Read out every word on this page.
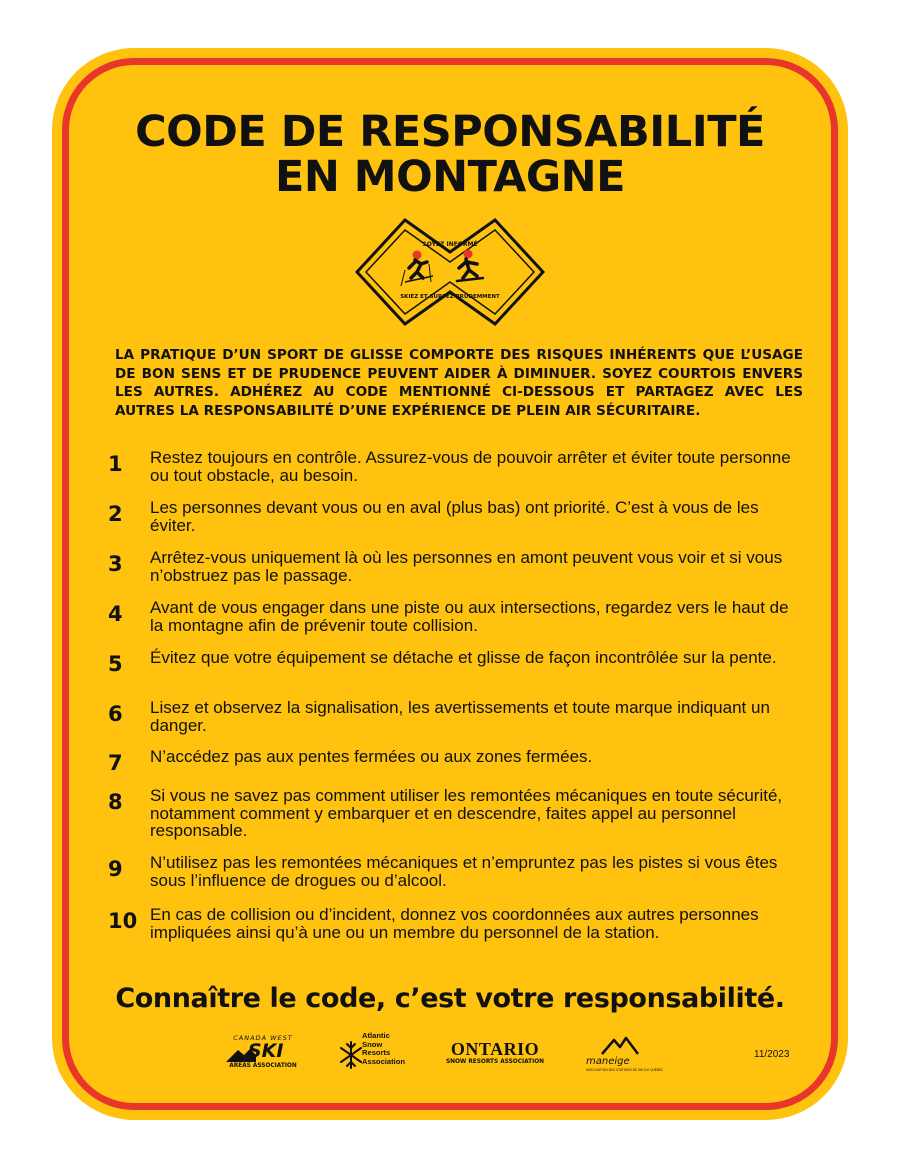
CODE DE RESPONSABILITÉ
EN MONTAGNE
SOYEZ INFORMÉ
SKIEZ ET SURFEZ PRUDEMMENT
LA PRATIQUE D’UN SPORT DE GLISSE COMPORTE DES RISQUES INHÉRENTS QUE L’USAGE DE BON SENS ET DE PRUDENCE PEUVENT AIDER À DIMINUER. SOYEZ COURTOIS ENVERS LES AUTRES. ADHÉREZ AU CODE MENTIONNÉ CI-DESSOUS ET PARTAGEZ AVEC LES AUTRES LA RESPONSABILITÉ D’UNE EXPÉRIENCE DE PLEIN AIR SÉCURITAIRE.
1	Restez toujours en contrôle. Assurez-vous de pouvoir arrêter et éviter toute personne ou tout obstacle, au besoin.
2	Les personnes devant vous ou en aval (plus bas) ont priorité. C’est à vous de les éviter.
3	Arrêtez-vous uniquement là où les personnes en amont peuvent vous voir et si vous n’obstruez pas le passage.
4	Avant de vous engager dans une piste ou aux intersections, regardez vers le haut de la montagne afin de prévenir toute collision.
5	Évitez que votre équipement se détache et glisse de façon incontrôlée sur la pente.
6	Lisez et observez la signalisation, les avertissements et toute marque indiquant un danger.
7	N’accédez pas aux pentes fermées ou aux zones fermées.
8	Si vous ne savez pas comment utiliser les remontées mécaniques en toute sécurité, notamment comment y embarquer et en descendre, faites appel au personnel responsable.
9	N’utilisez pas les remontées mécaniques et n’empruntez pas les pistes si vous êtes sous l’influence de drogues ou d’alcool.
10 En cas de collision ou d’incident, donnez vos coordonnées aux autres personnes impliquées ainsi qu’à une ou un membre du personnel de la station.
Connaître le code, c’est votre responsabilité.
CANADA WEST
SKI
AREAS ASSOCIATION
Atlantic
Snow
Resorts
Association
ONTARIO
SNOW RESORTS ASSOCIATION	maneige
ASSOCIATION DES STATIONS DE SKI DU QUÉBEC
11/2023
